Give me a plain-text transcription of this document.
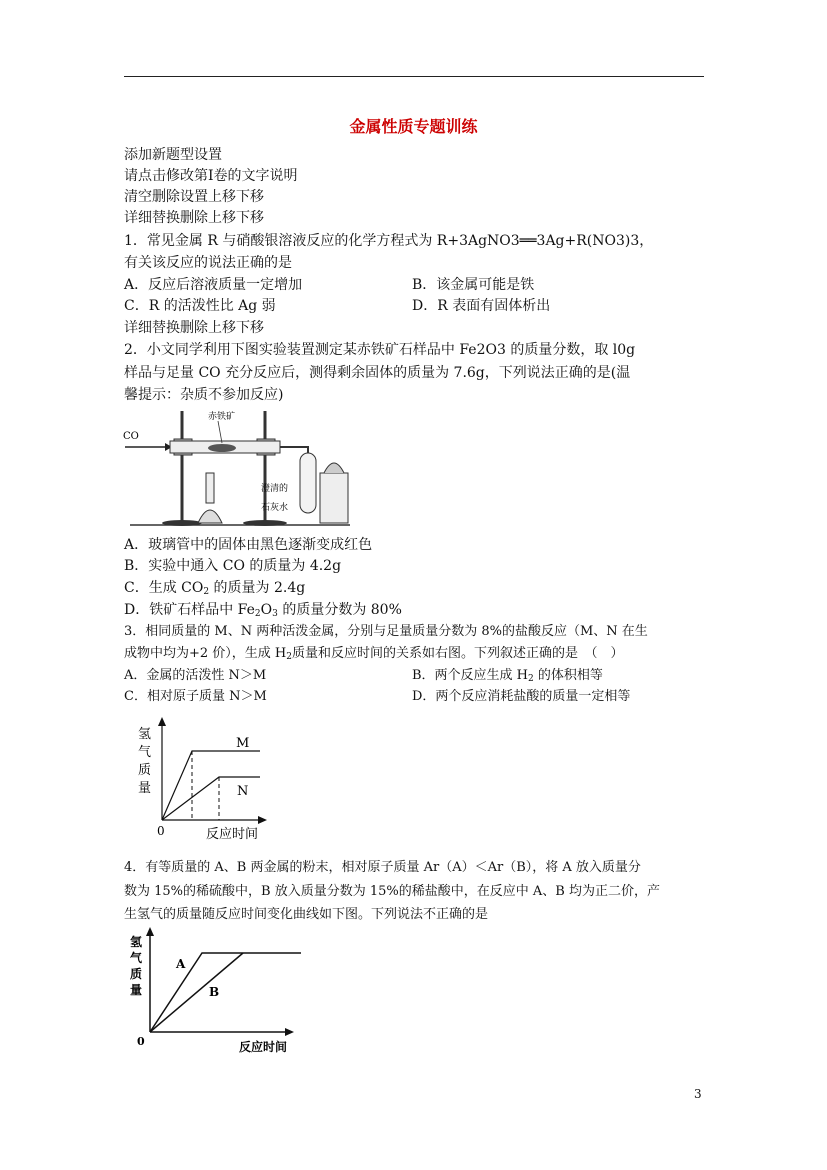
金属性质专题训练
添加新题型设置
请点击修改第Ⅰ卷的文字说明
清空删除设置上移下移
详细替换删除上移下移
1．常见金属 R 与硝酸银溶液反应的化学方程式为 R+3AgNO3══3Ag+R(NO3)3，
有关该反应的说法正确的是
A．反应后溶液质量一定增加	B．该金属可能是铁
C．R 的活泼性比 Ag 弱	D．R 表面有固体析出
详细替换删除上移下移
2．小文同学利用下图实验装置测定某赤铁矿石样品中 Fe2O3 的质量分数，取 l0g
样品与足量 CO 充分反应后，测得剩余固体的质量为 7.6g，下列说法正确的是(温
馨提示：杂质不参加反应)
CO
赤铁矿
澄清的
石灰水
A．玻璃管中的固体由黑色逐渐变成红色
B．实验中通入 CO 的质量为 4.2g
C．生成 $CO_2$ 的质量为 2.4g
D．铁矿石样品中 $Fe_2O_3$ 的质量分数为 80%
3．相同质量的 M、N 两种活泼金属，分别与足量质量分数为 8%的盐酸反应（M、N 在生
成物中均为+2 价），生成 $H_2$质量和反应时间的关系如右图。下列叙述正确的是　（　）
A．金属的活泼性 N＞M	B．两个反应生成 $H_2$ 的体积相等
C．相对原子质量 N＞M	D．两个反应消耗盐酸的质量一定相等
氢
气
质
量
M
N
0	反应时间
4．有等质量的 A、B 两金属的粉末，相对原子质量 Ar（A）＜Ar（B），将 A 放入质量分
数为 15%的稀硫酸中，B 放入质量分数为 15%的稀盐酸中，在反应中 A、B 均为正二价，产
生氢气的质量随反应时间变化曲线如下图。下列说法不正确的是
氢
气
质
量
A
B
0	反应时间
3
